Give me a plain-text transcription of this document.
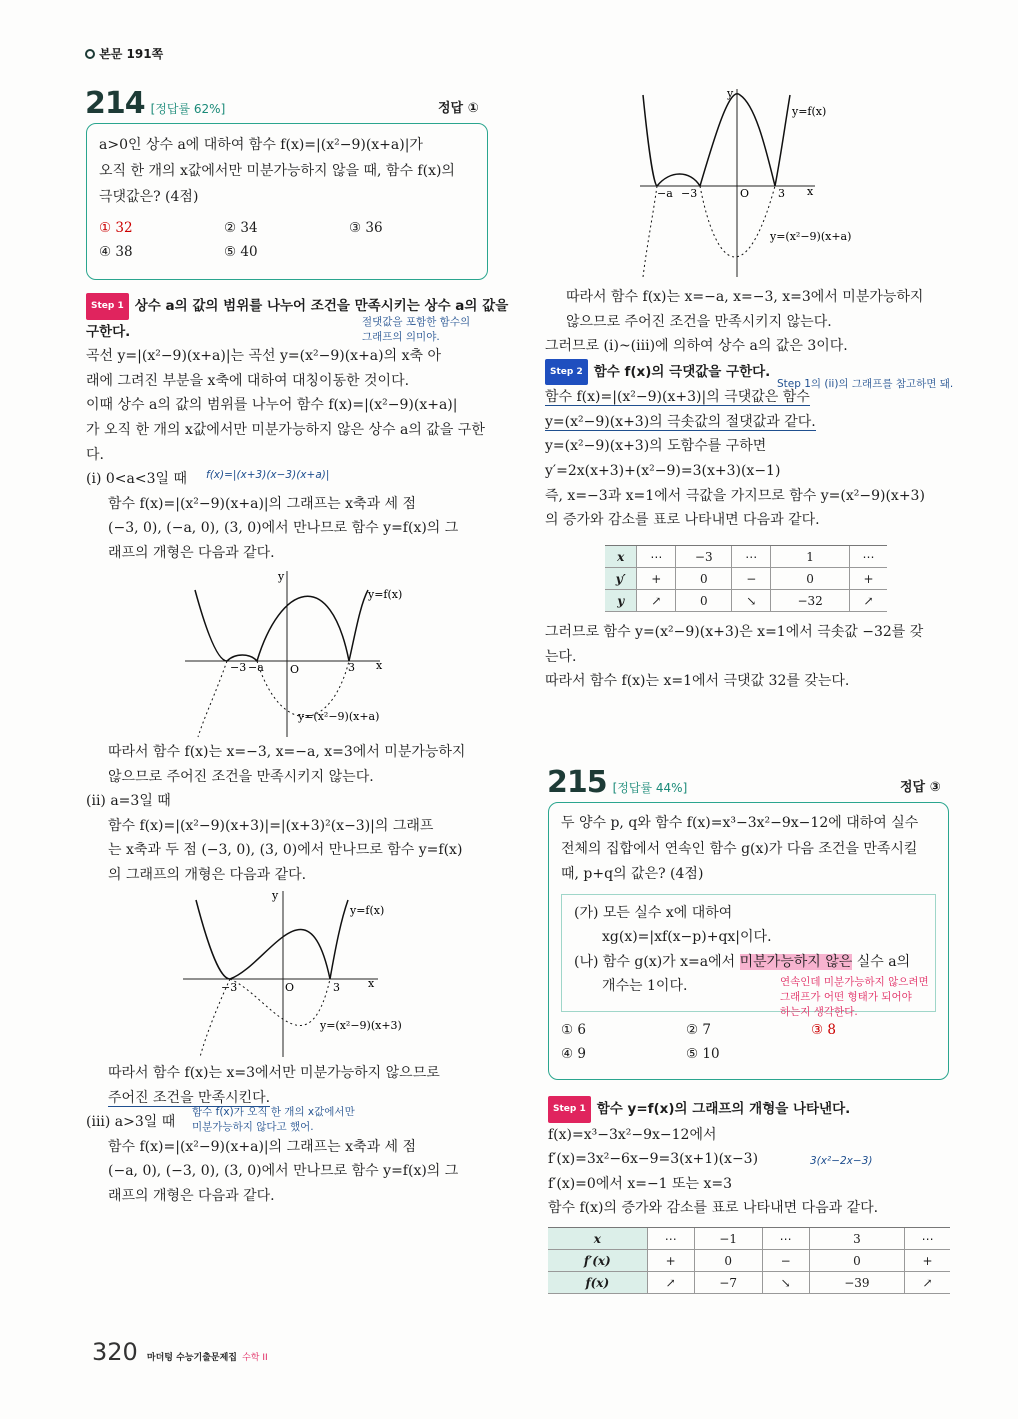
본문 191쪽
214 [정답률 62%]	정답 ①
a>0인 상수 a에 대하여 함수 f(x)=|(x²−9)(x+a)|가
오직 한 개의 x값에서만 미분가능하지 않을 때, 함수 f(x)의
극댓값은? (4점)
① 32	② 34	③ 36
④ 38	⑤ 40
Step 1 상수 a의 값의 범위를 나누어 조건을 만족시키는 상수 a의 값을
구한다.
절댓값을 포함한 함수의
그래프의 의미야.
곡선 y=|(x²−9)(x+a)|는 곡선 y=(x²−9)(x+a)의 x축 아
래에 그려진 부분을 x축에 대하여 대칭이동한 것이다.
이때 상수 a의 값의 범위를 나누어 함수 f(x)=|(x²−9)(x+a)|
가 오직 한 개의 x값에서만 미분가능하지 않은 상수 a의 값을 구한
다.
(i) 0<a<3일 때	f(x)=|(x+3)(x−3)(x+a)|
함수 f(x)=|(x²−9)(x+a)|의 그래프는 x축과 세 점
(−3, 0), (−a, 0), (3, 0)에서 만나므로 함수 y=f(x)의 그
래프의 개형은 다음과 같다.
y
x
O
−3 −a	3
y=f(x)
y=(x²−9)(x+a)
따라서 함수 f(x)는 x=−3, x=−a, x=3에서 미분가능하지
않으므로 주어진 조건을 만족시키지 않는다.
(ii) a=3일 때
함수 f(x)=|(x²−9)(x+3)|=|(x+3)²(x−3)|의 그래프
는 x축과 두 점 (−3, 0), (3, 0)에서 만나므로 함수 y=f(x)
의 그래프의 개형은 다음과 같다.
y
x
O
−3	3
y=f(x)
y=(x²−9)(x+3)
따라서 함수 f(x)는 x=3에서만 미분가능하지 않으므로
주어진 조건을 만족시킨다.
함수 f(x)가 오직 한 개의 x값에서만
미분가능하지 않다고 했어.
(iii) a>3일 때
함수 f(x)=|(x²−9)(x+a)|의 그래프는 x축과 세 점
(−a, 0), (−3, 0), (3, 0)에서 만나므로 함수 y=f(x)의 그
래프의 개형은 다음과 같다.
y
x
O
−a −3	3
y=f(x)
y=(x²−9)(x+a)
따라서 함수 f(x)는 x=−a, x=−3, x=3에서 미분가능하지
않으므로 주어진 조건을 만족시키지 않는다.
그러므로 (i)~(iii)에 의하여 상수 a의 값은 3이다.
Step 2 함수 f(x)의 극댓값을 구한다.
Step 1의 (ii)의 그래프를 참고하면 돼.
함수 f(x)=|(x²−9)(x+3)|의 극댓값은 함수
y=(x²−9)(x+3)의 극솟값의 절댓값과 같다.
y=(x²−9)(x+3)의 도함수를 구하면
y′=2x(x+3)+(x²−9)=3(x+3)(x−1)
즉, x=−3과 x=1에서 극값을 가지므로 함수 y=(x²−9)(x+3)
의 증가와 감소를 표로 나타내면 다음과 같다.
x	⋯	−3	⋯	1	⋯
y′	+	0	−	0	+
y	↗	0	↘	−32	↗
그러므로 함수 y=(x²−9)(x+3)은 x=1에서 극솟값 −32를 갖
는다.
따라서 함수 f(x)는 x=1에서 극댓값 32를 갖는다.
215 [정답률 44%]	정답 ③
두 양수 p, q와 함수 f(x)=x³−3x²−9x−12에 대하여 실수
전체의 집합에서 연속인 함수 g(x)가 다음 조건을 만족시킬
때, p+q의 값은? (4점)
(가) 모든 실수 x에 대하여
xg(x)=|xf(x−p)+qx|이다.
(나) 함수 g(x)가 x=a에서 미분가능하지 않은 실수 a의
개수는 1이다.	연속인데 미분가능하지 않으려면
그래프가 어떤 형태가 되어야
하는지 생각한다.
① 6	② 7	③ 8
④ 9	⑤ 10
Step 1 함수 y=f(x)의 그래프의 개형을 나타낸다.
f(x)=x³−3x²−9x−12에서
f′(x)=3x²−6x−9=3(x+1)(x−3)	3(x²−2x−3)
f′(x)=0에서 x=−1 또는 x=3
함수 f(x)의 증가와 감소를 표로 나타내면 다음과 같다.
x	⋯	−1	⋯	3	⋯
f′(x)	+	0	−	0	+
f(x)	↗	−7	↘	−39	↗
320 마더텅 수능기출문제집 수학 II
